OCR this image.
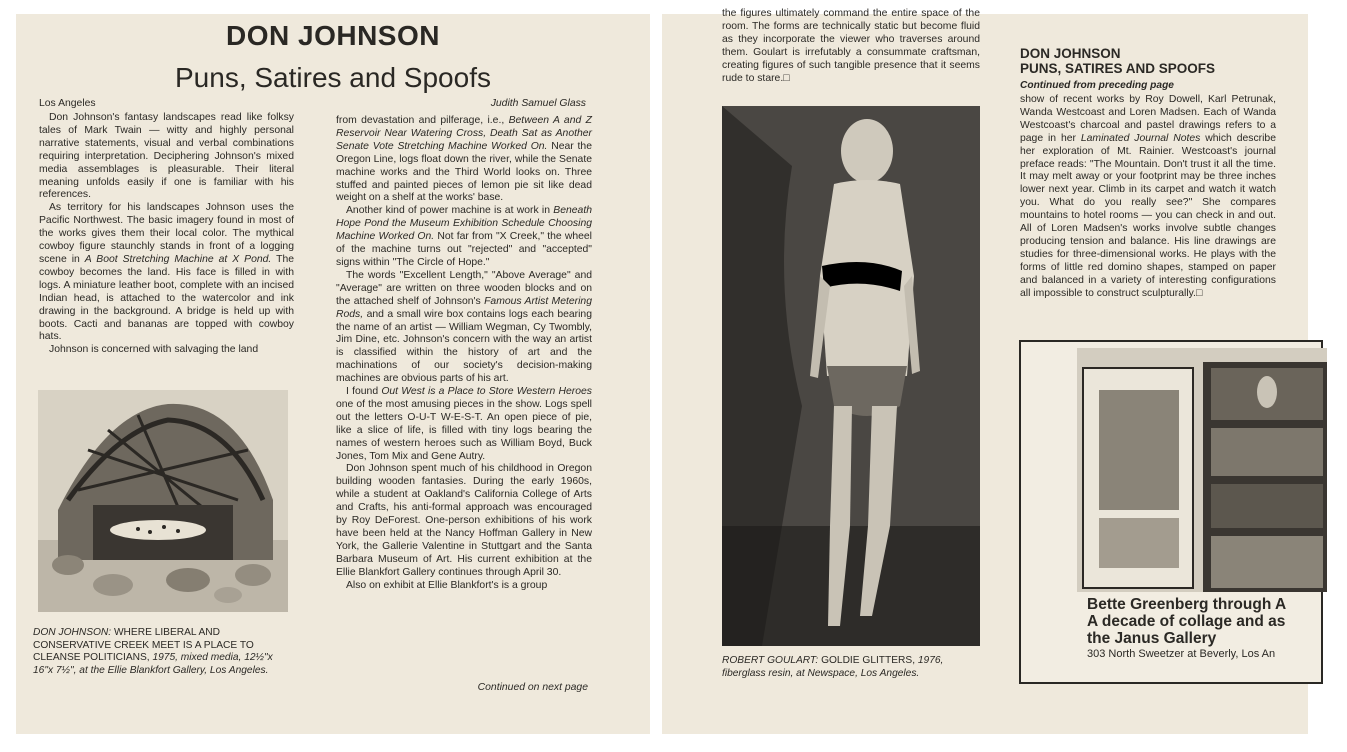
DON JOHNSON
Puns, Satires and Spoofs
Los Angeles	Judith Samuel Glass

Don Johnson's fantasy landscapes read like folksy tales of Mark Twain — witty and highly personal narrative statements, visual and verbal combinations requiring interpretation. Deciphering Johnson's mixed media assemblages is pleasurable. Their literal meaning unfolds easily if one is familiar with his references.

As territory for his landscapes Johnson uses the Pacific Northwest. The basic imagery found in most of the works gives them their local color. The mythical cowboy figure staunchly stands in front of a logging scene in A Boot Stretching Machine at X Pond. The cowboy becomes the land. His face is filled in with logs. A miniature leather boot, complete with an incised Indian head, is attached to the watercolor and ink drawing in the background. A bridge is held up with boots. Cacti and bananas are topped with cowboy hats.

Johnson is concerned with salvaging the land

DON JOHNSON: WHERE LIBERAL AND CONSERVATIVE CREEK MEET IS A PLACE TO CLEANSE POLITICIANS, 1975, mixed media, 12½"x 16"x 7½", at the Ellie Blankfort Gallery, Los Angeles.

from devastation and pilferage, i.e., Between A and Z Reservoir Near Watering Cross, Death Sat as Another Senate Vote Stretching Machine Worked On. Near the Oregon Line, logs float down the river, while the Senate machine works and the Third World looks on. Three stuffed and painted pieces of lemon pie sit like dead weight on a shelf at the works' base.

Another kind of power machine is at work in Beneath Hope Pond the Museum Exhibition Schedule Choosing Machine Worked On. Not far from "X Creek," the wheel of the machine turns out "rejected" and "accepted" signs within "The Circle of Hope."

The words "Excellent Length," "Above Average" and "Average" are written on three wooden blocks and on the attached shelf of Johnson's Famous Artist Metering Rods, and a small wire box contains logs each bearing the name of an artist — William Wegman, Cy Twombly, Jim Dine, etc. Johnson's concern with the way an artist is classified within the history of art and the machinations of our society's decision-making machines are obvious parts of his art.

I found Out West is a Place to Store Western Heroes one of the most amusing pieces in the show. Logs spell out the letters O-U-T W-E-S-T. An open piece of pie, like a slice of life, is filled with tiny logs bearing the names of western heroes such as William Boyd, Buck Jones, Tom Mix and Gene Autry.

Don Johnson spent much of his childhood in Oregon building wooden fantasies. During the early 1960s, while a student at Oakland's California College of Arts and Crafts, his anti-formal approach was encouraged by Roy DeForest. One-person exhibitions of his work have been held at the Nancy Hoffman Gallery in New York, the Gallerie Valentine in Stuttgart and the Santa Barbara Museum of Art. His current exhibition at the Ellie Blankfort Gallery continues through April 30.

Also on exhibit at Ellie Blankfort's is a group

Continued on next page

the figures ultimately command the entire space of the room. The forms are technically static but become fluid as they incorporate the viewer who traverses around them. Goulart is irrefutably a consummate craftsman, creating figures of such tangible presence that it seems rude to stare.□

ROBERT GOULART: GOLDIE GLITTERS, 1976, fiberglass resin, at Newspace, Los Angeles.
DON JOHNSON
PUNS, SATIRES AND SPOOFS
Continued from preceding page

show of recent works by Roy Dowell, Karl Petrunak, Wanda Westcoast and Loren Madsen. Each of Wanda Westcoast's charcoal and pastel drawings refers to a page in her Laminated Journal Notes which describe her exploration of Mt. Rainier. Westcoast's journal preface reads: "The Mountain. Don't trust it all the time. It may melt away or your footprint may be three inches lower next year. Climb in its carpet and watch it watch you. What do you really see?" She compares mountains to hotel rooms — you can check in and out. All of Loren Madsen's works involve subtle changes producing tension and balance. His line drawings are studies for three-dimensional works. He plays with the forms of little red domino shapes, stamped on paper and balanced in a variety of interesting configurations all impossible to construct sculpturally.□

Bette Greenberg through A
A decade of collage and as
the Janus Gallery
303 North Sweetzer at Beverly, Los An
